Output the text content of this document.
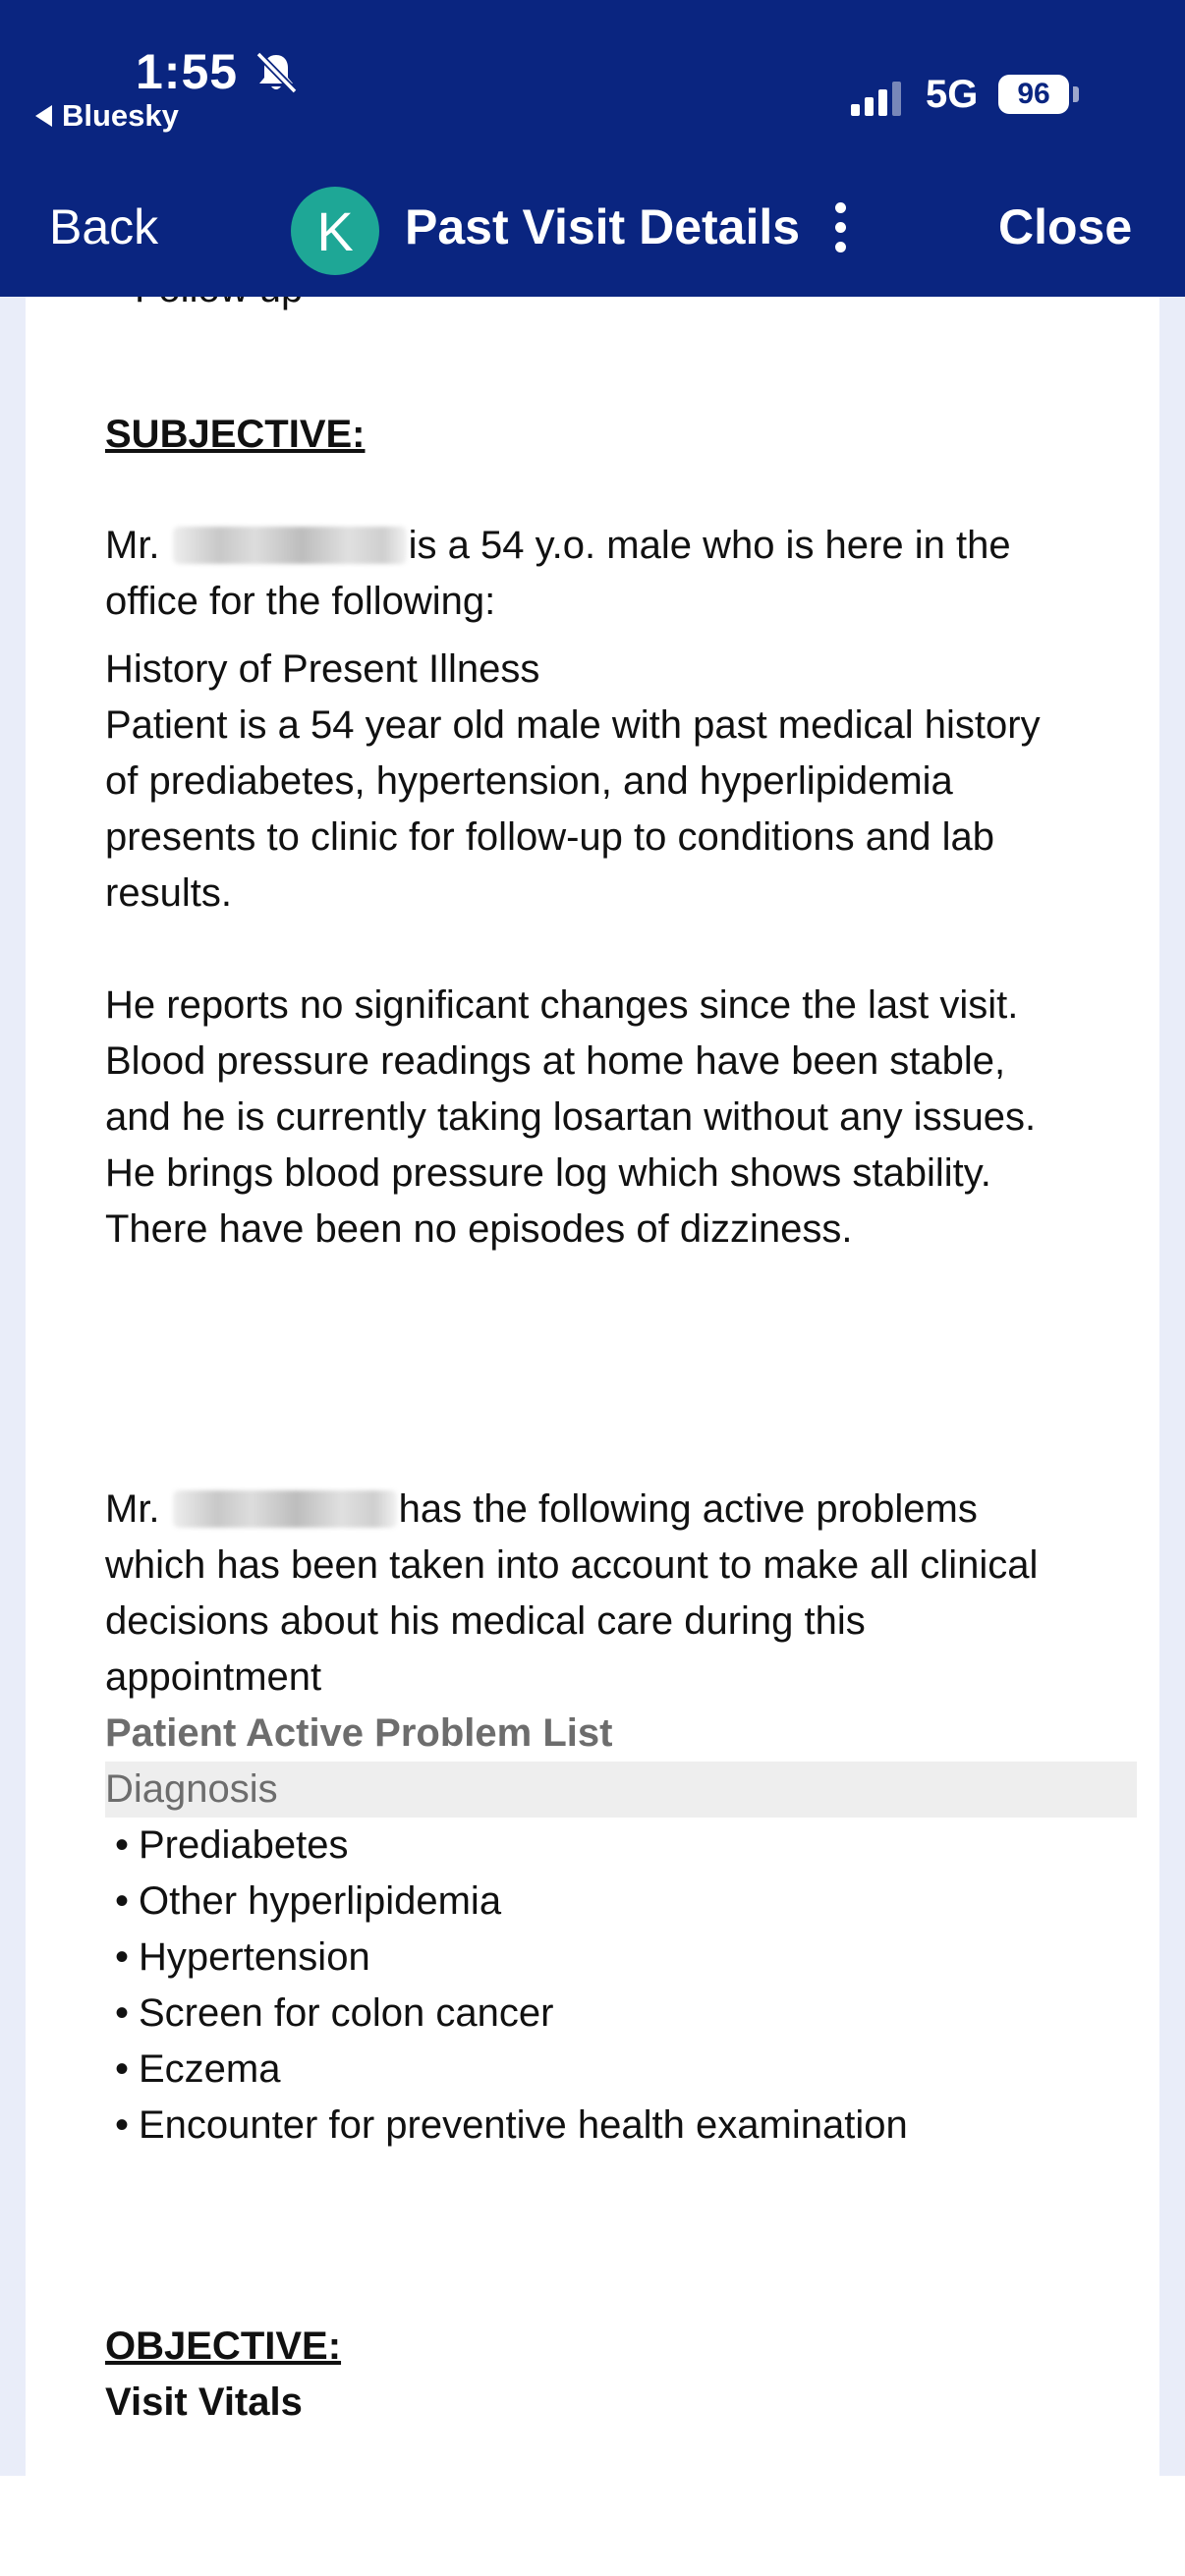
1:55
Bluesky	5G	96
Back	K	Past Visit Details	Close
SUBJECTIVE:
Mr.	is a 54 y.o. male who is here in the
office for the following:
History of Present Illness
Patient is a 54 year old male with past medical history
of prediabetes, hypertension, and hyperlipidemia
presents to clinic for follow-up to conditions and lab
results.
He reports no significant changes since the last visit.
Blood pressure readings at home have been stable,
and he is currently taking losartan without any issues.
He brings blood pressure log which shows stability.
There have been no episodes of dizziness.
Mr.	has the following active problems
which has been taken into account to make all clinical
decisions about his medical care during this
appointment
Patient Active Problem List
Diagnosis
• Prediabetes
• Other hyperlipidemia
• Hypertension
• Screen for colon cancer
• Eczema
• Encounter for preventive health examination
OBJECTIVE:
Visit Vitals
